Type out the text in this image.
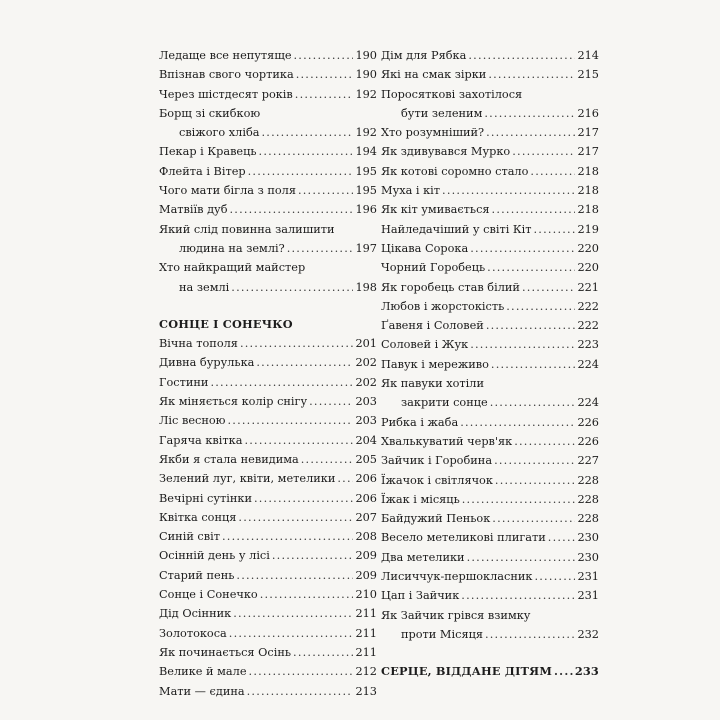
Ледаще все непутяще .....	190
Впізнав свого чортика .....	190
Через шістдесят років .....	192
Борщ зі скибкою
свіжого хліба .....	192
Пекар і Кравець .....	194
Флейта і Вітер .....	195
Чого мати бігла з поля .....	195
Матвіїв дуб .....	196
Який слід повинна залишити
людина на землі? .....	197
Хто найкращий майстер
на землі .....	198
СОНЦЕ І СОНЕЧКО
Вічна тополя .....	201
Дивна бурулька .....	202
Гостини .....	202
Як міняється колір снігу .....	203
Ліс весною .....	203
Гаряча квітка .....	204
Якби я стала невидима .....	205
Зелений луг, квіти, метелики ..... 206
Вечірні сутінки .....	206
Квітка сонця .....	207
Синій світ .....	208
Осінній день у лісі .....	209
Старий пень .....	209
Сонце і Сонечко .....	210
Дід Осінник .....	211
Золотокоса .....	211
Як починається Осінь .....	211
Велике й мале .....	212
Мати — єдина .....	213
Дім для Рябка .....	214
Які на смак зірки .....	215
Поросяткові захотілося
бути зеленим .....	216
Хто розумніший? .....	217
Як здивувався Мурко .....	217
Як котові соромно стало .....	218
Муха і кіт .....	218
Як кіт умивається .....	218
Найледачіший у світі Кіт .....	219
Цікава Сорока .....	220
Чорний Горобець .....	220
Як горобець став білий .....	221
Любов і жорстокість .....	222
Ґавеня і Соловей .....	222
Соловей і Жук .....	223
Павук і мереживо .....	224
Як павуки хотіли
закрити сонце .....	224
Рибка і жаба .....	226
Хвалькуватий черв'як .....	226
Зайчик і Горобина .....	227
Їжачок і світлячок .....	228
Їжак і місяць .....	228
Байдужий Пеньок .....	228
Весело метеликові плигати .....	230
Два метелики .....	230
Лисиччук-першокласник .....	231
Цап і Зайчик .....	231
Як Зайчик грівся взимку
проти Місяця .....	232
СЕРЦЕ, ВІДДАНЕ ДІТЯМ ..... 233
